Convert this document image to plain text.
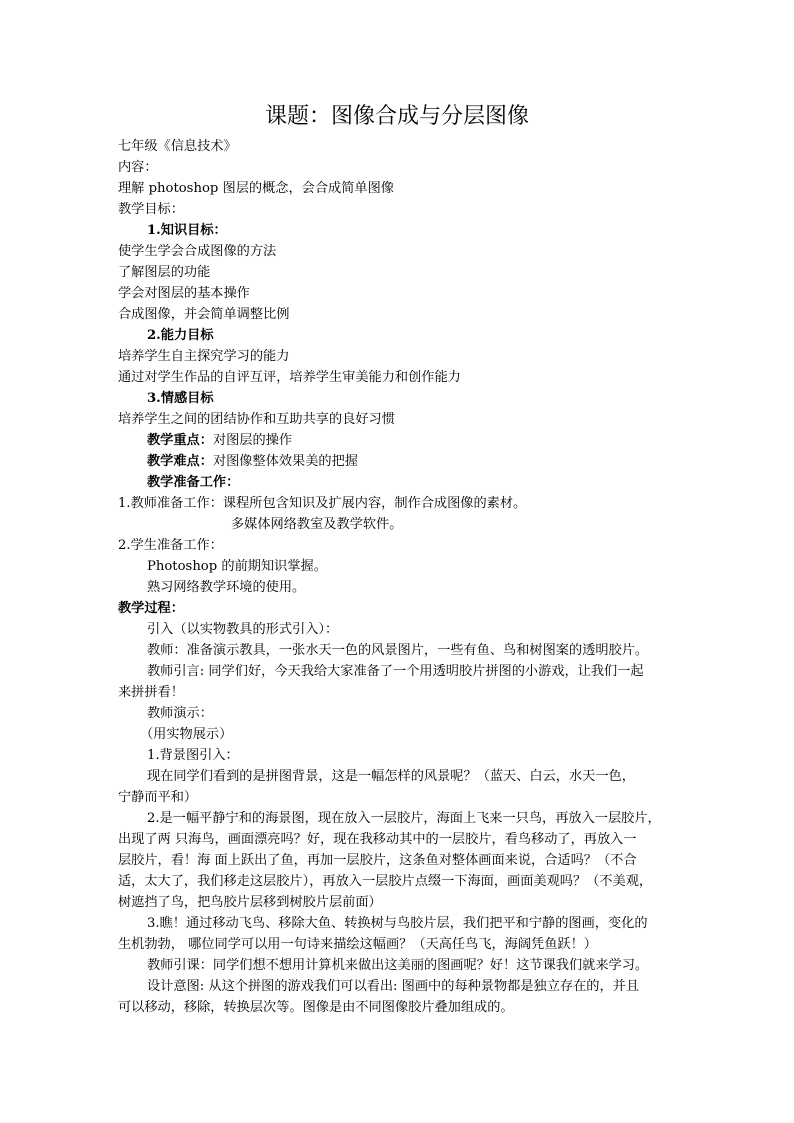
课题：图像合成与分层图像
七年级《信息技术》
内容：
理解 photoshop 图层的概念，会合成简单图像
教学目标：
1.知识目标：
使学生学会合成图像的方法
了解图层的功能
学会对图层的基本操作
合成图像，并会简单调整比例
2.能力目标
培养学生自主探究学习的能力
通过对学生作品的自评互评，培养学生审美能力和创作能力
3.情感目标
培养学生之间的团结协作和互助共享的良好习惯
教学重点：对图层的操作
教学难点：对图像整体效果美的把握
教学准备工作：
1.教师准备工作：课程所包含知识及扩展内容，制作合成图像的素材。
多媒体网络教室及教学软件。
2.学生准备工作：
Photoshop 的前期知识掌握。
熟习网络教学环境的使用。
教学过程：
引入（以实物教具的形式引入）：
教师：准备演示教具，一张水天一色的风景图片，一些有鱼、鸟和树图案的透明胶片。
教师引言: 同学们好，今天我给大家准备了一个用透明胶片拼图的小游戏，让我们一起
来拼拼看！
教师演示：
（用实物展示）
1.背景图引入：
现在同学们看到的是拼图背景，这是一幅怎样的风景呢？（蓝天、白云，水天一色，
宁静而平和）
2.是一幅平静宁和的海景图，现在放入一层胶片，海面上飞来一只鸟，再放入一层胶片，
出现了两 只海鸟，画面漂亮吗？好，现在我移动其中的一层胶片，看鸟移动了，再放入一
层胶片，看！海 面上跃出了鱼，再加一层胶片，这条鱼对整体画面来说，合适吗？（不合
适，太大了，我们移走这层胶片），再放入一层胶片点缀一下海面，画面美观吗？（不美观，
树遮挡了鸟，把鸟胶片层移到树胶片层前面）
3.瞧！通过移动飞鸟、移除大鱼、转换树与鸟胶片层，我们把平和宁静的图画，变化的
生机勃勃， 哪位同学可以用一句诗来描绘这幅画？（天高任鸟飞，海阔凭鱼跃！）
教师引课：同学们想不想用计算机来做出这美丽的图画呢？好！这节课我们就来学习。
设计意图: 从这个拼图的游戏我们可以看出: 图画中的每种景物都是独立存在的，并且
可以移动，移除，转换层次等。图像是由不同图像胶片叠加组成的。
